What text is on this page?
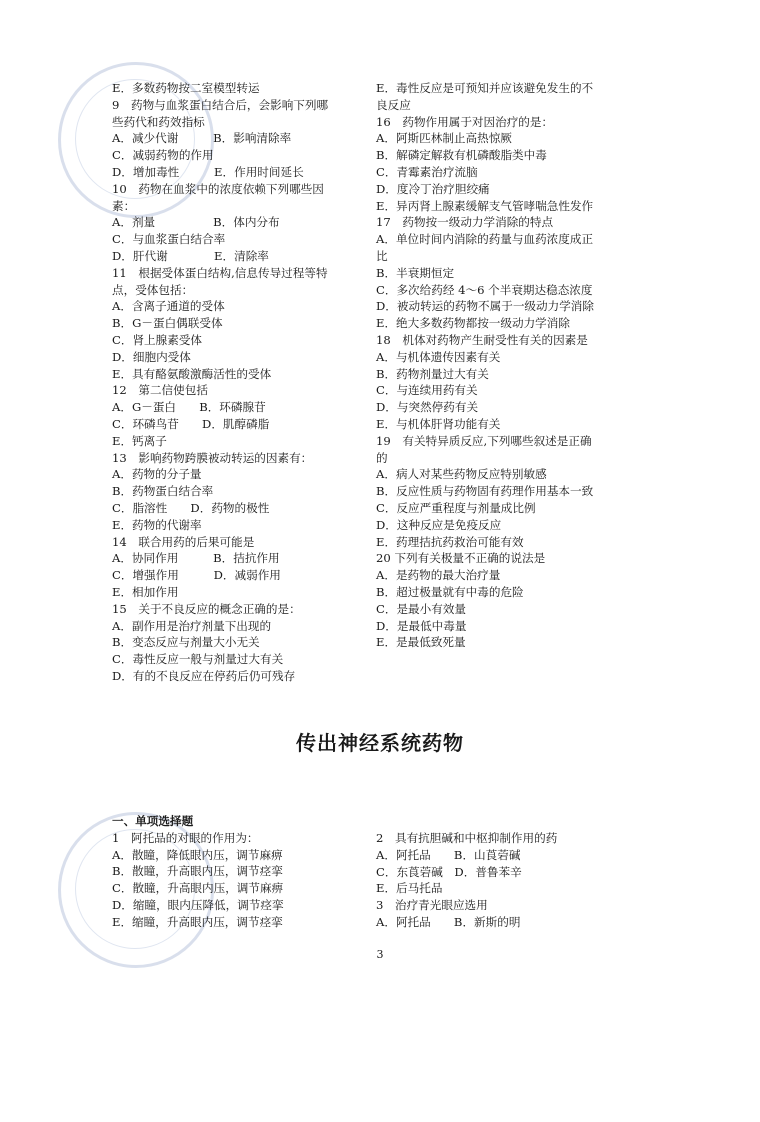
E．多数药物按二室模型转运
9　药物与血浆蛋白结合后，会影响下列哪
些药代和药效指标
A．减少代谢　　　B．影响清除率
C．减弱药物的作用
D．增加毒性　　　E．作用时间延长
10　药物在血浆中的浓度依赖下列哪些因
素：
A．剂量　　　　　B．体内分布
C．与血浆蛋白结合率
D．肝代谢　　　　E．清除率
11　根据受体蛋白结构,信息传导过程等特
点，受体包括：
A．含离子通道的受体
B．G－蛋白偶联受体
C．肾上腺素受体
D．细胞内受体
E．具有酪氨酸激酶活性的受体
12　第二信使包括
A．G－蛋白　　B．环磷腺苷
C．环磷鸟苷　　D．肌醇磷脂
E．钙离子
13　影响药物跨膜被动转运的因素有：
A．药物的分子量
B．药物蛋白结合率
C．脂溶性　　D．药物的极性
E．药物的代谢率
14　联合用药的后果可能是
A．协同作用　　　B．拮抗作用
C．增强作用　　　D．减弱作用
E．相加作用
15　关于不良反应的概念正确的是：
A．副作用是治疗剂量下出现的
B．变态反应与剂量大小无关
C．毒性反应一般与剂量过大有关
D．有的不良反应在停药后仍可残存
E．毒性反应是可预知并应该避免发生的不
良反应
16　药物作用属于对因治疗的是：
A．阿斯匹林制止高热惊厥
B．解磷定解救有机磷酸脂类中毒
C．青霉素治疗流脑
D．度冷丁治疗胆绞痛
E．异丙肾上腺素缓解支气管哮喘急性发作
17　药物按一级动力学消除的特点
A．单位时间内消除的药量与血药浓度成正
比
B．半衰期恒定
C．多次给药经 4～6 个半衰期达稳态浓度
D．被动转运的药物不属于一级动力学消除
E．绝大多数药物都按一级动力学消除
18　机体对药物产生耐受性有关的因素是
A．与机体遗传因素有关
B．药物剂量过大有关
C．与连续用药有关
D．与突然停药有关
E．与机体肝肾功能有关
19　有关特异质反应,下列哪些叙述是正确
的
A．病人对某些药物反应特别敏感
B．反应性质与药物固有药理作用基本一致
C．反应严重程度与剂量成比例
D．这种反应是免疫反应
E．药理拮抗药救治可能有效
20 下列有关极量不正确的说法是
A．是药物的最大治疗量
B．超过极量就有中毒的危险
C．是最小有效量
D．是最低中毒量
E．是最低致死量
传出神经系统药物
一、单项选择题
1　阿托品的对眼的作用为：
A．散瞳，降低眼内压，调节麻痹
B．散瞳，升高眼内压，调节痉挛
C．散瞳，升高眼内压，调节麻痹
D．缩瞳，眼内压降低，调节痉挛
E．缩瞳，升高眼内压，调节痉挛
2　具有抗胆碱和中枢抑制作用的药
A．阿托品　　B．山莨菪碱
C．东莨菪碱　D．普鲁苯辛
E．后马托品
3　治疗青光眼应选用
A．阿托品　　B．新斯的明
3
